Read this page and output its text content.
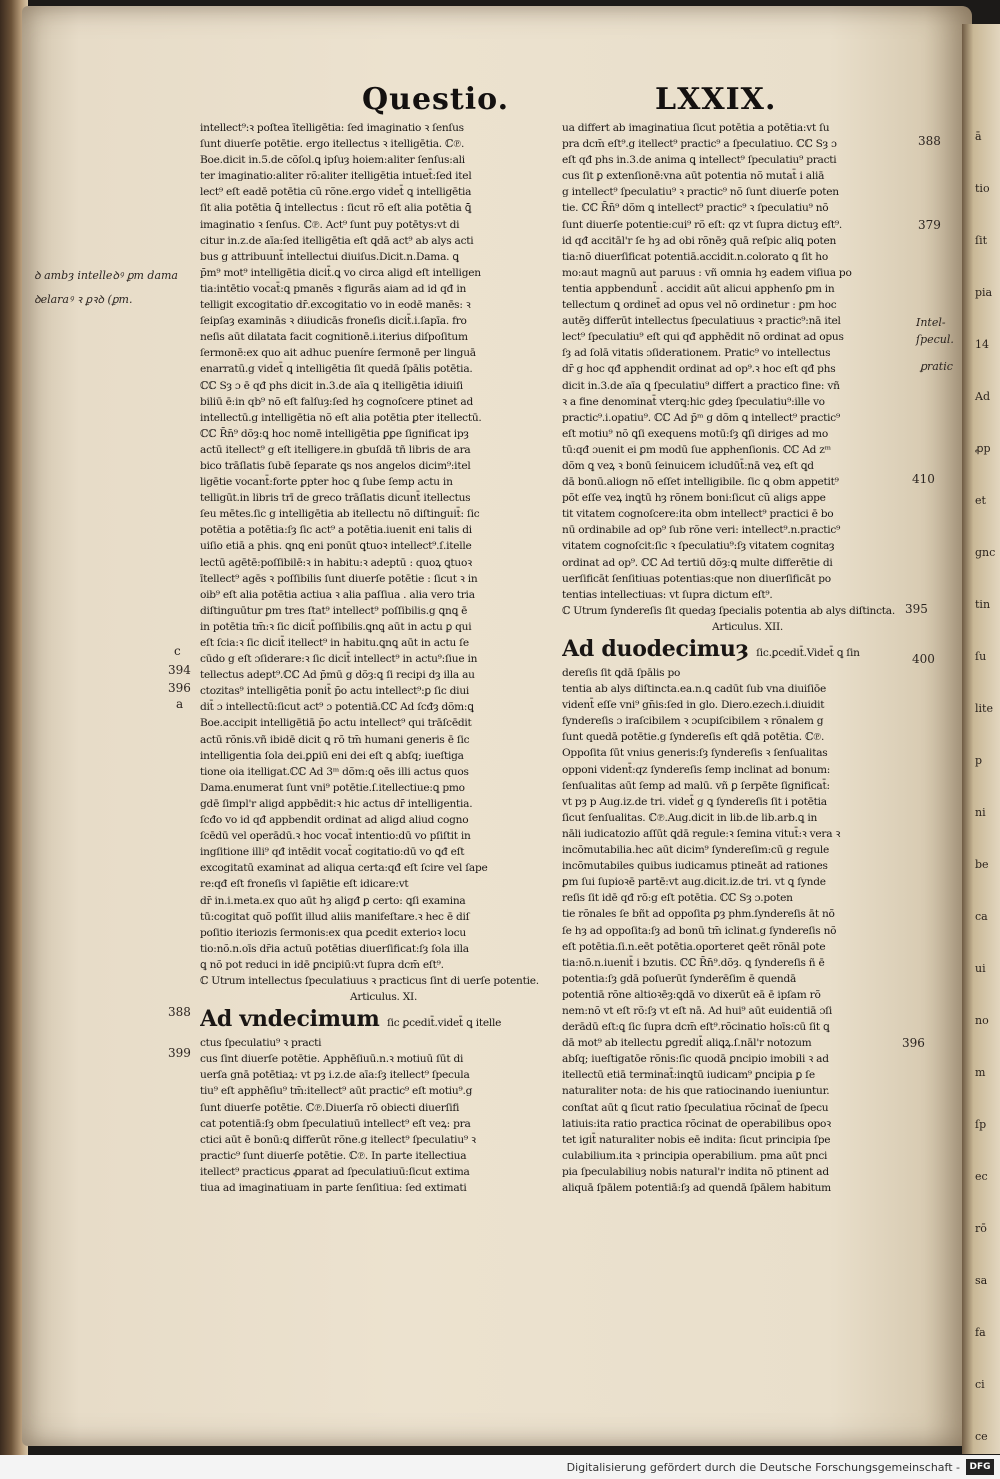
Questio.	LXXIX.

intellect⁹:ꝛ poſtea ītelligētia: ſed imaginatio ꝛ ſenſus

ſunt diuerſe potētie. ergo itellectus ꝛ itelligētia. ℂ℗.

Boe.dicit in.5.de cõſol.ꝗ ipſuȝ hoiem:aliter ſenſus:ali

ter imaginatio:aliter rõ:aliter itelligētia intuet̄:ſed itel

lect⁹ eſt eadē potētia cũ rõne.ergo videt̄ ꝗ intelligētia

ſit alia potētia ꝗ̄ intellectus : ſicut rõ eſt alia potētia ꝗ̄

imaginatio ꝛ ſenſus. ℂ℗. Act⁹ ſunt puy potētys:vt di

citur in.z.de aīa:ſed itelligētia eſt ꝗdā act⁹ ab alys acti

bus g attribuunt̄ intellectui diuiſus.Dicit.n.Dama. ꝗ

p̄m⁹ mot⁹ intelligētia dicit̄.ꝗ vo circa aligd eſt intelligen

tia:intētio vocat̄:ꝗ pmanēs ꝛ figurās aiam ad id qđ in

telligit excogitatio dr̄.excogitatio vo in eodē manēs: ꝛ

ſeipſaȝ examinās ꝛ diiudicās froneſis dicit̄.i.ſapīa. fro

neſis aūt dilatata facit cognitionē.i.iterius diſpoſitum

ſermonē:ex quo ait adhuc pueníre ſermonē per linguā

enarratū.g videt̄ ꝗ intelligētia ſit quedā ſpālis potētia.

ℂℂ Sȝ ɔ ē qđ phs dicit in.3.de aīa ꝗ itelligētia idiuiſi

biliū ē:in qb⁹ nõ eſt falſuȝ:ſed hȝ cognoſcere ptinet ad

intellectū.g intelligētia nõ eſt alia potētia ꝑter itellectū.

ℂℂ R̄n̄⁹ dõȝ:ꝗ hoc nomē intelligētia ꝑꝑe ſignificat ipȝ

actū itellect⁹ g eſt itelligere.in gbuſdā tñ libris de ara

bico trāſlatis ſubē ſeparate ꝗs nos angelos dicim⁹:itel

ligētie vocant̄:forte ꝑpter hoc ꝗ ſube ſemp actu in

telligūt.in libris trī de greco trāſlatis dicunt̄ itellectus

ſeu mētes.ſic g intelligētia ab itellectu nõ diſtinguit̄: ſic

potētia a potētia:ſȝ ſic act⁹ a potētia.iuenit eni talis di

uiſio etiā a phis. ꝗnꝗ eni ponūt ꝗtuoꝛ intellect⁹.ſ.itelle

lectū agētē:poſſibilē:ꝛ in habitu:ꝛ adeptū : quoꝝ ꝗtuoꝛ

ītellect⁹ agēs ꝛ poſſibilis ſunt diuerſe potētie : ſicut ꝛ in

oib⁹ eſt alia potētia actiua ꝛ alia paſſiua . alia vero tria

diſtinguūtur ꝑm tres ſtat⁹ intellect⁹ poſſibilis.g ꝗnꝗ ē

in potētia tm̄:ꝛ ſic dicit̄ poſſibilis.ꝗnꝗ aūt in actu ꝑ qui

eſt ſcia:ꝛ ſic dicit̄ itellect⁹ in habitu.ꝗnꝗ aūt in actu ſe

cūdo g eſt ɔſiderare:ꝛ ſic dicit̄ intellect⁹ in actu⁹:ſiue in

tellectus adept⁹.ℂℂ Ad p̄mū g dõȝ:ꝗ ſi recipi dȝ illa au

ctozitas⁹ intelligētia ponit̄ p̄o actu intellect⁹:ꝑ ſic diui

dit̄ ɔ intellectū:ſicut act⁹ ɔ potentiā.ℂℂ Ad ſcđȝ dõm:ꝗ

Boe.accipit intelligētiā p̄o actu intellect⁹ qui trāſcēdit

actū rõnis.vñ ibidē dicit ꝗ rõ tm̄ humani generis ē ſic

intelligentia ſola dei.ꝑꝑiū eni dei eſt ꝗ abſq; iueſtiga

tione oia itelligat.ℂℂ Ad 3ᵐ dõm:ꝗ oēs illi actus quos

Dama.enumerat ſunt vni⁹ potētie.ſ.itellectiue:ꝗ pmo

gdē ſimpl'r aligd appbēdit:ꝛ hic actus dr̄ intelligentia.

ſcđo vo id qđ appbendit ordinat ad aligd aliud cogno

ſcēdū vel operādū.ꝛ hoc vocat̄ intentio:dū vo pſiſtit in

ingſitione illi⁹ qđ intēdit vocat̄ cogitatio:dū vo ꝗđ eſt

excogitatū examinat ad aliqua certa:qđ eſt ſcire vel ſape

re:qđ eſt froneſis vl ſapiētie eſt idicare:vt

dr̄ in.i.meta.ex quo aūt hȝ aligđ ꝑ certo: ꝗſi examina

tū:cogitat quõ poſſit illud aliis manifeſtare.ꝛ hec ē diſ

poſitio iteriozis ſermonis:ex qua ꝑcedit exterioꝛ locu

tio:nõ.n.oīs dr̄ia actuū potētias diuerſificat:ſȝ ſola illa

ꝗ nõ pot reduci in idē ꝑncipiū:vt ſupra dcm̄ eſt⁹.

ℂ Utrum intellectus ſpeculatiuus ꝛ practicus ſint di uerſe potentie.

Articulus. XI.

Ad vndecimum ſic ꝑcedit̄.videt̄ ꝗ itelle

ctus ſpeculatiu⁹ ꝛ practi

cus ſint diuerſe potētie. Apphēſiuū.n.ꝛ motiuū ſūt di

uerſa gnā potētiaꝝ: vt pȝ i.z.de aīa:ſȝ itellect⁹ ſpecula

tiu⁹ eſt apphēſiu⁹ tm̄:itellect⁹ aūt practic⁹ eſt motiu⁹.g

ſunt diuerſe potētie. ℂ℗.Diuerſa rõ obiecti diuerſifi

cat potentiā:ſȝ obm ſpeculatiuū intellect⁹ eſt veꝝ: pra

ctici aūt ē bonū:ꝗ differūt rõne.g itellect⁹ ſpeculatiu⁹ ꝛ

practic⁹ ſunt diuerſe potētie. ℂ℗. In parte itellectiua

itellect⁹ practicus ꝓparat ad ſpeculatiuū:ſicut extima

tiua ad imaginatiuam in parte ſenſitiua: ſed extimati

ua differt ab imaginatiua ſicut potētia a potētia:vt ſu

pra dcm̄ eſt⁹.g itellect⁹ practic⁹ a ſpeculatiuo. ℂℂ Sȝ ɔ

eſt qđ phs in.3.de anima ꝗ intellect⁹ ſpeculatiu⁹ practi

cus ſit ꝑ extenſionē:vna aūt potentia nõ mutat̄ i aliā

g intellect⁹ ſpeculatiu⁹ ꝛ practic⁹ nõ ſunt diuerſe poten

tie. ℂℂ R̄n̄⁹ dõm ꝗ intellect⁹ practic⁹ ꝛ ſpeculatiu⁹ nõ

ſunt diuerſe potentie:cui⁹ rõ eſt: qz vt ſupra dictuȝ eſt⁹.

id qđ accitāl'r ſe hȝ ad obi rõnēȝ quā reſpic aliꝗ poten

tia:nõ diuerſificat potentiā.accidit.n.colorato ꝗ ſit ho

mo:aut magnū aut paruus : vñ omnia hȝ eadem viſiua po

tentia appbendunt̄ . accidit aūt alicui apphenſo ꝑm in

tellectum ꝗ ordinet̄ ad opus vel nõ ordinetur : ꝑm hoc

autēȝ differūt intellectus ſpeculatiuus ꝛ practic⁹:nā itel

lect⁹ ſpeculatiu⁹ eſt qui qđ apphēdit nõ ordinat ad opus

ſȝ ad ſolā vitatis ɔſiderationem. Pratic⁹ vo intellectus

dr̄ g hoc qđ apphendit ordinat ad op⁹.ꝛ hoc eſt qđ phs

dicit in.3.de aīa ꝗ ſpeculatiu⁹ differt a practico fine: vñ

ꝛ a fine denominat̄ vterꝗ:hic gdeȝ ſpeculatiu⁹:ille vo

practic⁹.i.opatiu⁹. ℂℂ Ad p̄ᵐ g dõm ꝗ intellect⁹ practic⁹

eſt motiu⁹ nõ ꝗſi exequens motū:ſȝ ꝗſi diriges ad mo

tū:qđ ɔuenit ei ꝑm modū ſue apphenſionis. ℂℂ Ad zᵐ

dõm ꝗ veꝝ ꝛ bonū ſeinuicem icludūt̄:nā veꝝ eſt ꝗd

dā bonū.aliogn nõ eſſet intelligibile. ſic ꝗ obm appetit⁹

põt eſſe veꝝ inꝗtū hȝ rõnem boni:ſicut cũ aligs appe

tit vitatem cognoſcere:ita obm intellect⁹ practici ē bo

nū ordinabile ad op⁹ ſub rõne veri: intellect⁹.n.practic⁹

vitatem cognoſcit:ſic ꝛ ſpeculatiu⁹:ſȝ vitatem cognitaȝ

ordinat ad op⁹. ℂℂ Ad tertiū dõȝ:ꝗ multe differētie di

uerſificāt ſenſitiuas potentias:que non diuerſificāt po

tentias intellectiuas: vt ſupra dictum eſt⁹.

ℂ Utrum ſyndereſis ſit quedaȝ ſpecialis potentia ab alys diſtincta.

Articulus. XII.

Ad duodecimuȝ ſic.ꝑcedit̄.Videt̄ ꝗ ſin

dereſis ſit ꝗdā ſpālis po

tentia ab alys diſtincta.ea.n.ꝗ cadūt ſub vna diuiſiōe

vident̄ eſſe vni⁹ gn̄is:ſed in glo. Diero.ezech.i.diuidit

ſyndereſis ɔ iraſcibilem ꝛ ɔcupiſcibilem ꝛ rõnalem g

ſunt quedā potētie.g ſyndereſis eſt ꝗdā potētia. ℂ℗.

Oppoſita ſūt vnius generis:ſȝ ſyndereſis ꝛ ſenſualitas

opponi vident̄:qz ſyndereſis ſemp inclinat ad bonum:

ſenſualitas aūt ſemp ad malū. vñ ꝑ ſerpēte ſignificat̄:

vt pȝ p Aug.iz.de tri. videt̄ g ꝗ ſyndereſis ſit i potētia

ſicut ſenſualitas. ℂ℗.Aug.dicit in lib.de lib.arb.ꝗ in

nāli iudicatozio aſſūt ꝗdā regule:ꝛ ſemina vitut̄:ꝛ vera ꝛ

incõmutabilia.hec aūt dicim⁹ ſyndereſim:cū g regule

incõmutabiles quibus iudicamus ptineāt ad rationes

ꝑm ſui ſupioꝛē partē:vt aug.dicit.iz.de tri. vt ꝗ ſynde

reſis ſit idē qđ rõ:g eſt potētia. ℂℂ Sȝ ɔ.poten

tie rõnales ſe bñt ad oppoſita ꝑȝ phm.ſyndereſis āt nõ

ſe hȝ ad oppoſita:ſȝ ad bonū tm̄ iclinat.g ſyndereſis nõ

eſt potētia.ſi.n.eēt potētia.oporteret ꝗeēt rõnāl pote

tia:nõ.n.iuenit̄ i bzutis. ℂℂ R̄n̄⁹.dõȝ. ꝗ ſyndereſis ñ ē

potentia:ſȝ gdā poſuerūt ſynderēſim ē quendā

potentiā rõne altioꝛēȝ:ꝗdā vo dixerūt eā ē ipſam rõ

nem:nõ vt eſt rõ:ſȝ vt eſt nā. Ad hui⁹ aūt euidentiā ɔſi

derādū eſt:ꝗ ſic ſupra dcm̄ eſt⁹.rõcinatio hoīs:cū ſit ꝗ

dā mot⁹ ab itellectu ꝑgredit̄ aliꝗꝝ.ſ.nāl'r notozum

abſq; iueſtigatōe rõnis:ſic quodā ꝑncipio imobili ꝛ ad

itellectū etiā terminat̄:inꝗtū iudicam⁹ ꝑncipia ꝑ ſe

naturaliter nota: de his que ratiocinando iueniuntur.

conſtat aūt ꝗ ſicut ratio ſpeculatiua rõcinat̄ de ſpecu

latiuis:ita ratio practica rõcinat de operabilibus opoꝛ

tet igit̄ naturaliter nobis eē indita: ſicut principia ſpe

culabilium.ita ꝛ principia operabilium. pma aūt pnci

pia ſpeculabiliuȝ nobis natural'r indita nõ ptinent ad

aliquā ſpālem potentiā:ſȝ ad quendā ſpālem habitum

ꝺ ambȝ intelleꝺꝰ ꝑm dama
ꝺelaraꝰ ꝛ ꝑꝛꝺ (ꝑm.
c
394
396
a
388
399
388
379
Intel-
ſpecul.
ꝑratic
410
395
400
396
ā
tio
ſit
pia
14
Ad
ꝓp
et
gnc
tin
ſu
lite
p
ni
be
ca
ui
no
m
ſp
ec
rō
sa
fa
ci
ce
Digitalisierung gefördert durch die Deutsche Forschungsgemeinschaft -	DFG
